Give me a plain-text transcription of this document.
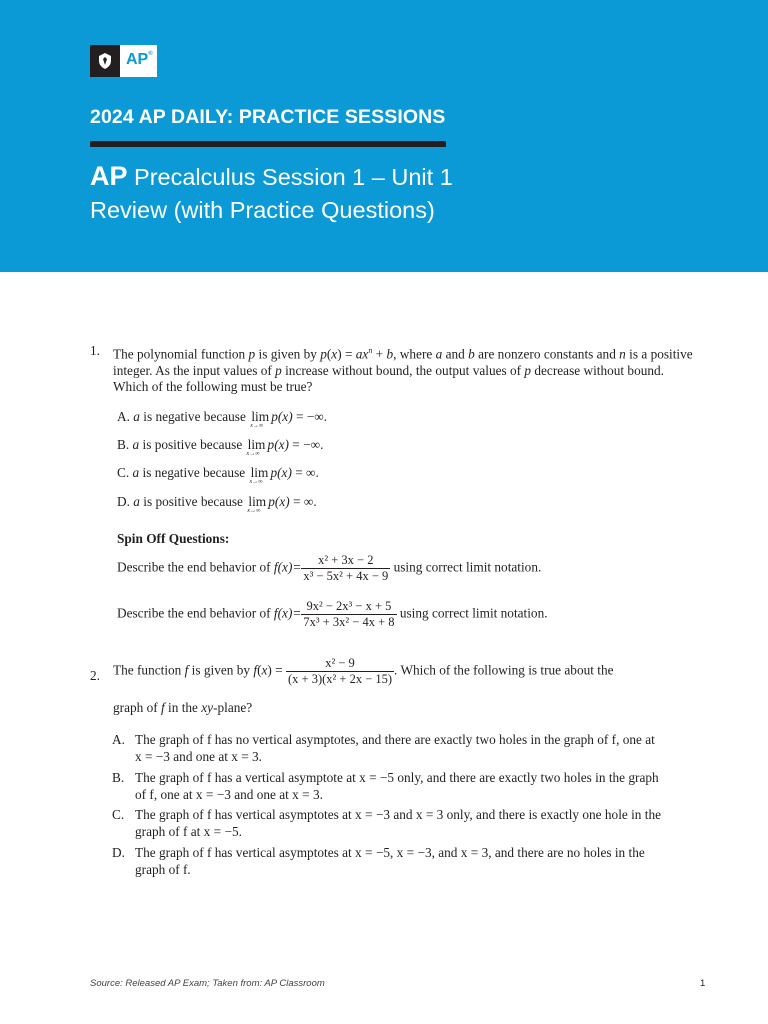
AP®
2024 AP DAILY: PRACTICE SESSIONS
AP Precalculus Session 1 – Unit 1
Review (with Practice Questions)
1. The polynomial function p is given by $p(x) = ax^n + b$, where a and b are nonzero constants and n is a positive integer. As the input values of p increase without bound, the output values of p decrease without bound. Which of the following must be true?
A. a is negative because lim
x→∞
p(x) = −∞.
B. a is positive because lim
x→∞
p(x) = −∞.
C. a is negative because lim
x→∞
p(x) = ∞.
D. a is positive because lim
x→∞
p(x) = ∞.
Spin Off Questions:
Describe the end behavior of $f(x)= \frac{\text{x² + 3x − 2}}{\text{x³ − 5x² + 4x − 9}}$ using correct limit notation.
Describe the end behavior of $f(x)= \frac{\text{9x² − 2x³ − x + 5}}{\text{7x³ + 3x² − 4x + 8}}$ using correct limit notation.
2. The function f is given by $f(x) = \frac{\text{x² − 9}}{\text{(x + 3)(x² + 2x − 15)}}$ . Which of the following is true about the
graph of f in the xy-plane?
A. The graph of f has no vertical asymptotes, and there are exactly two holes in the graph of f, one at
x = −3 and one at x = 3.
B. The graph of f has a vertical asymptote at x = −5 only, and there are exactly two holes in the graph
of f, one at x = −3 and one at x = 3.
C. The graph of f has vertical asymptotes at x = −3 and x = 3 only, and there is exactly one hole in the
graph of f at x = −5.
D. The graph of f has vertical asymptotes at x = −5, x = −3, and x = 3, and there are no holes in the
graph of f.
Source: Released AP Exam; Taken from: AP Classroom	1
